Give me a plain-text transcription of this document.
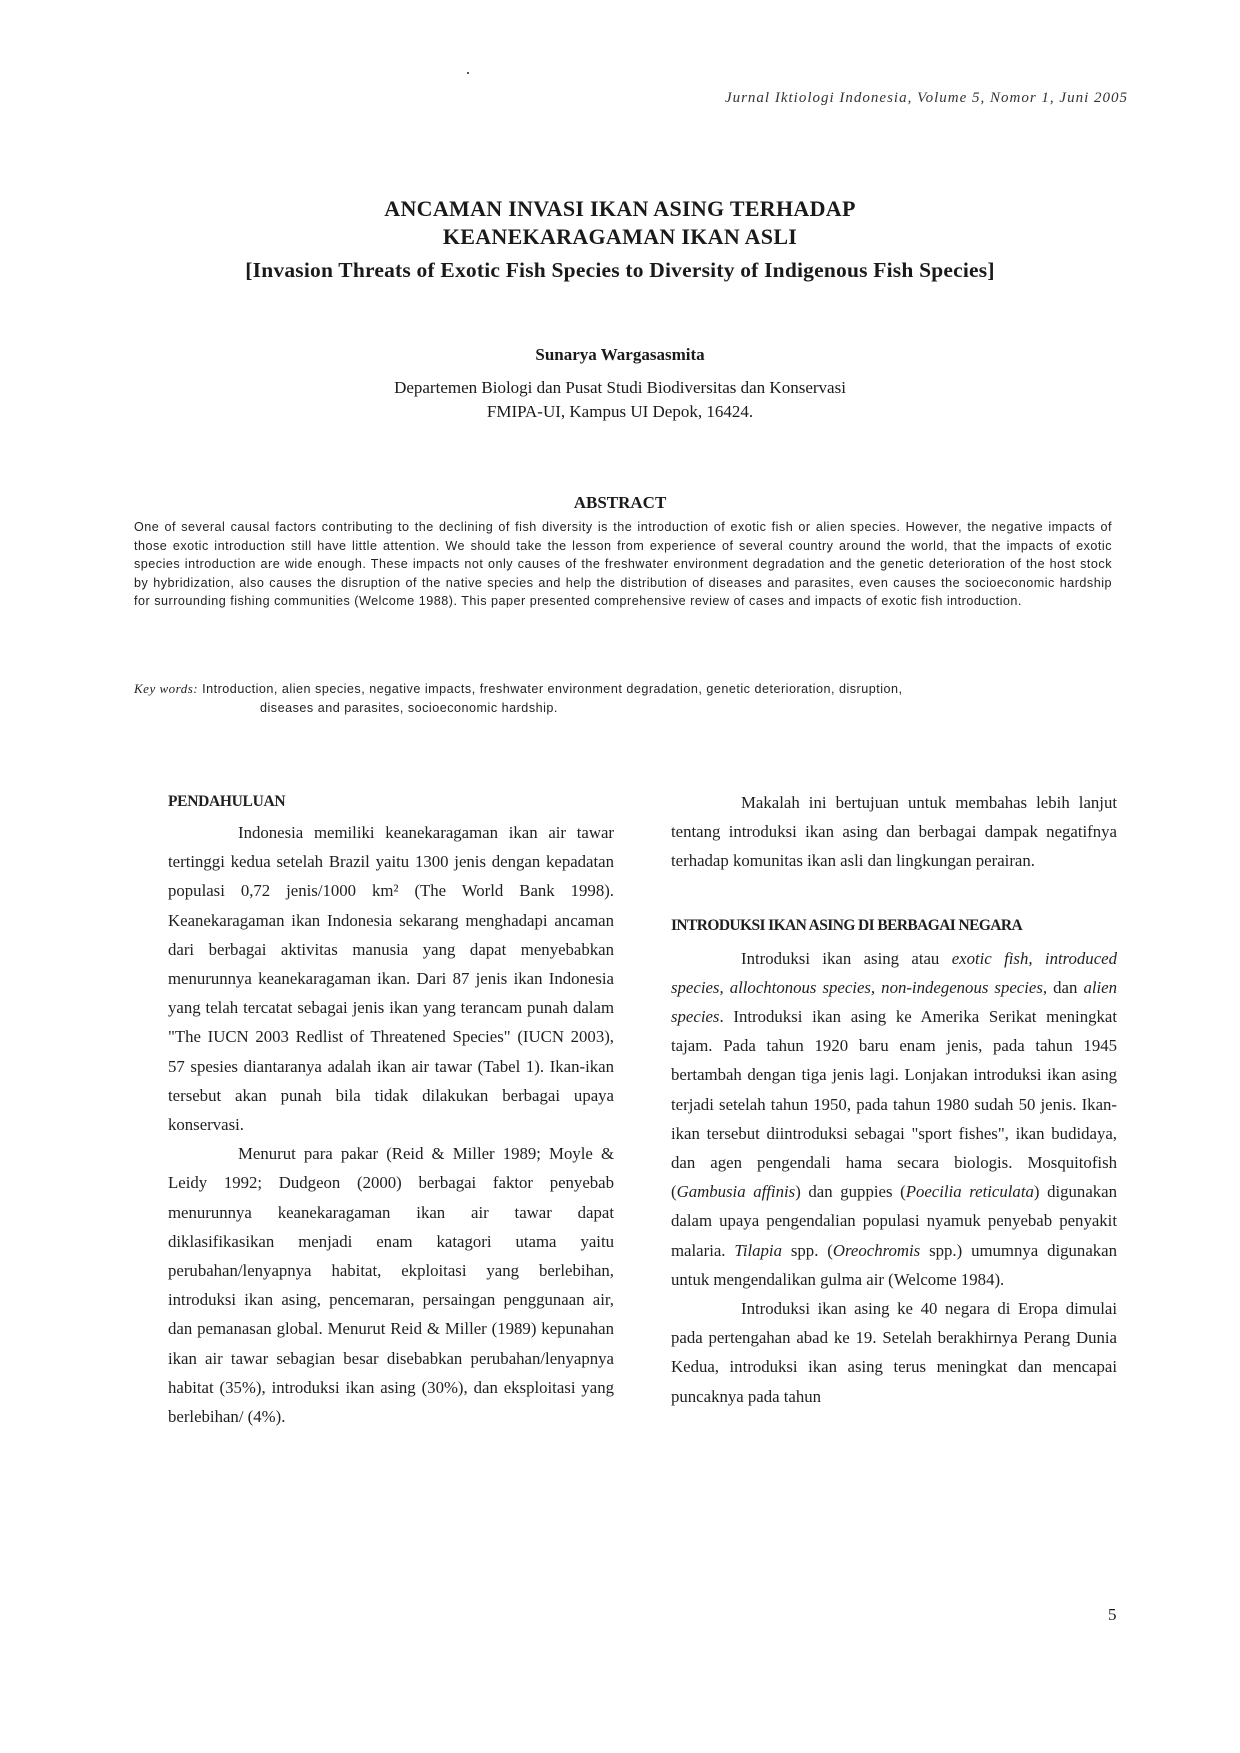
Jurnal Iktiologi Indonesia, Volume 5, Nomor 1, Juni 2005
ANCAMAN INVASI IKAN ASING TERHADAP
KEANEKARAGAMAN IKAN ASLI
[Invasion Threats of Exotic Fish Species to Diversity of Indigenous Fish Species]
Sunarya Wargasasmita
Departemen Biologi dan Pusat Studi Biodiversitas dan Konservasi
FMIPA-UI, Kampus UI Depok, 16424.
ABSTRACT
One of several causal factors contributing to the declining of fish diversity is the introduction of exotic fish or alien species. However, the negative impacts of those exotic introduction still have little attention. We should take the lesson from experience of several country around the world, that the impacts of exotic species introduction are wide enough. These impacts not only causes of the freshwater environment degradation and the genetic deterioration of the host stock by hybridization, also causes the disruption of the native species and help the distribution of diseases and parasites, even causes the socioeconomic hardship for surrounding fishing communities (Welcome 1988). This paper presented comprehensive review of cases and impacts of exotic fish introduction.
Key words: Introduction, alien species, negative impacts, freshwater environment degradation, genetic deterioration, disruption,
diseases and parasites, socioeconomic hardship.
PENDAHULUAN

Indonesia memiliki keanekaragaman ikan air tawar tertinggi kedua setelah Brazil yaitu 1300 jenis dengan kepadatan populasi 0,72 jenis/1000 km² (The World Bank 1998). Keanekaragaman ikan Indonesia sekarang menghadapi ancaman dari berbagai aktivitas manusia yang dapat menyebabkan menurunnya keanekaragaman ikan. Dari 87 jenis ikan Indonesia yang telah tercatat sebagai jenis ikan yang terancam punah dalam "The IUCN 2003 Redlist of Threatened Species" (IUCN 2003), 57 spesies diantaranya adalah ikan air tawar (Tabel 1). Ikan-ikan tersebut akan punah bila tidak dilakukan berbagai upaya konservasi.

Menurut para pakar (Reid & Miller 1989; Moyle & Leidy 1992; Dudgeon (2000) berbagai faktor penyebab menurunnya keanekaragaman ikan air tawar dapat diklasifikasikan menjadi enam katagori utama yaitu perubahan/lenyapnya habitat, ekploitasi yang berlebihan, introduksi ikan asing, pencemaran, persaingan penggunaan air, dan pemanasan global. Menurut Reid & Miller (1989) kepunahan ikan air tawar sebagian besar disebabkan perubahan/lenyapnya habitat (35%), introduksi ikan asing (30%), dan eksploitasi yang berlebihan/ (4%).

Makalah ini bertujuan untuk membahas lebih lanjut tentang introduksi ikan asing dan berbagai dampak negatifnya terhadap komunitas ikan asli dan lingkungan perairan.

INTRODUKSI IKAN ASING DI BERBAGAI NEGARA

Introduksi ikan asing atau exotic fish, introduced species, allochtonous species, non-indegenous species, dan alien species. Introduksi ikan asing ke Amerika Serikat meningkat tajam. Pada tahun 1920 baru enam jenis, pada tahun 1945 bertambah dengan tiga jenis lagi. Lonjakan introduksi ikan asing terjadi setelah tahun 1950, pada tahun 1980 sudah 50 jenis. Ikan-ikan tersebut diintroduksi sebagai "sport fishes", ikan budidaya, dan agen pengendali hama secara biologis. Mosquitofish (Gambusia affinis) dan guppies (Poecilia reticulata) digunakan dalam upaya pengendalian populasi nyamuk penyebab penyakit malaria. Tilapia spp. (Oreochromis spp.) umumnya digunakan untuk mengendalikan gulma air (Welcome 1984).

Introduksi ikan asing ke 40 negara di Eropa dimulai pada pertengahan abad ke 19. Setelah berakhirnya Perang Dunia Kedua, introduksi ikan asing terus meningkat dan mencapai puncaknya pada tahun

5
